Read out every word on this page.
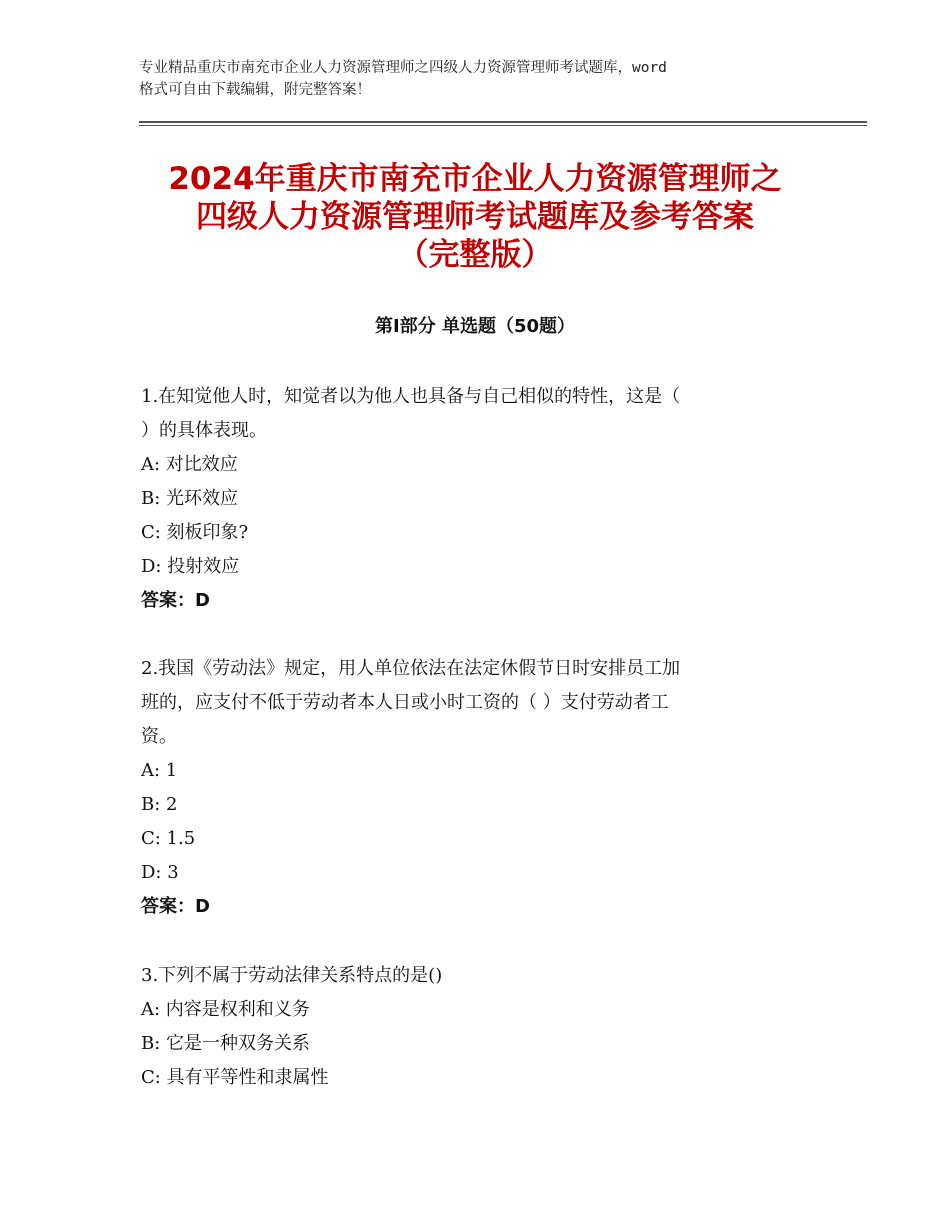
专业精品重庆市南充市企业人力资源管理师之四级人力资源管理师考试题库，word
格式可自由下载编辑，附完整答案！
2024年重庆市南充市企业人力资源管理师之
四级人力资源管理师考试题库及参考答案
（完整版）
第Ⅰ部分 单选题（50题）
1.在知觉他人时，知觉者以为他人也具备与自己相似的特性，这是（
）的具体表现。
A: 对比效应
B: 光环效应
C: 刻板印象?
D: 投射效应
答案：D
2.我国《劳动法》规定，用人单位依法在法定休假节日时安排员工加
班的，应支付不低于劳动者本人日或小时工资的（ ）支付劳动者工
资。
A: 1
B: 2
C: 1.5
D: 3
答案：D
3.下列不属于劳动法律关系特点的是()
A: 内容是权利和义务
B: 它是一种双务关系
C: 具有平等性和隶属性
